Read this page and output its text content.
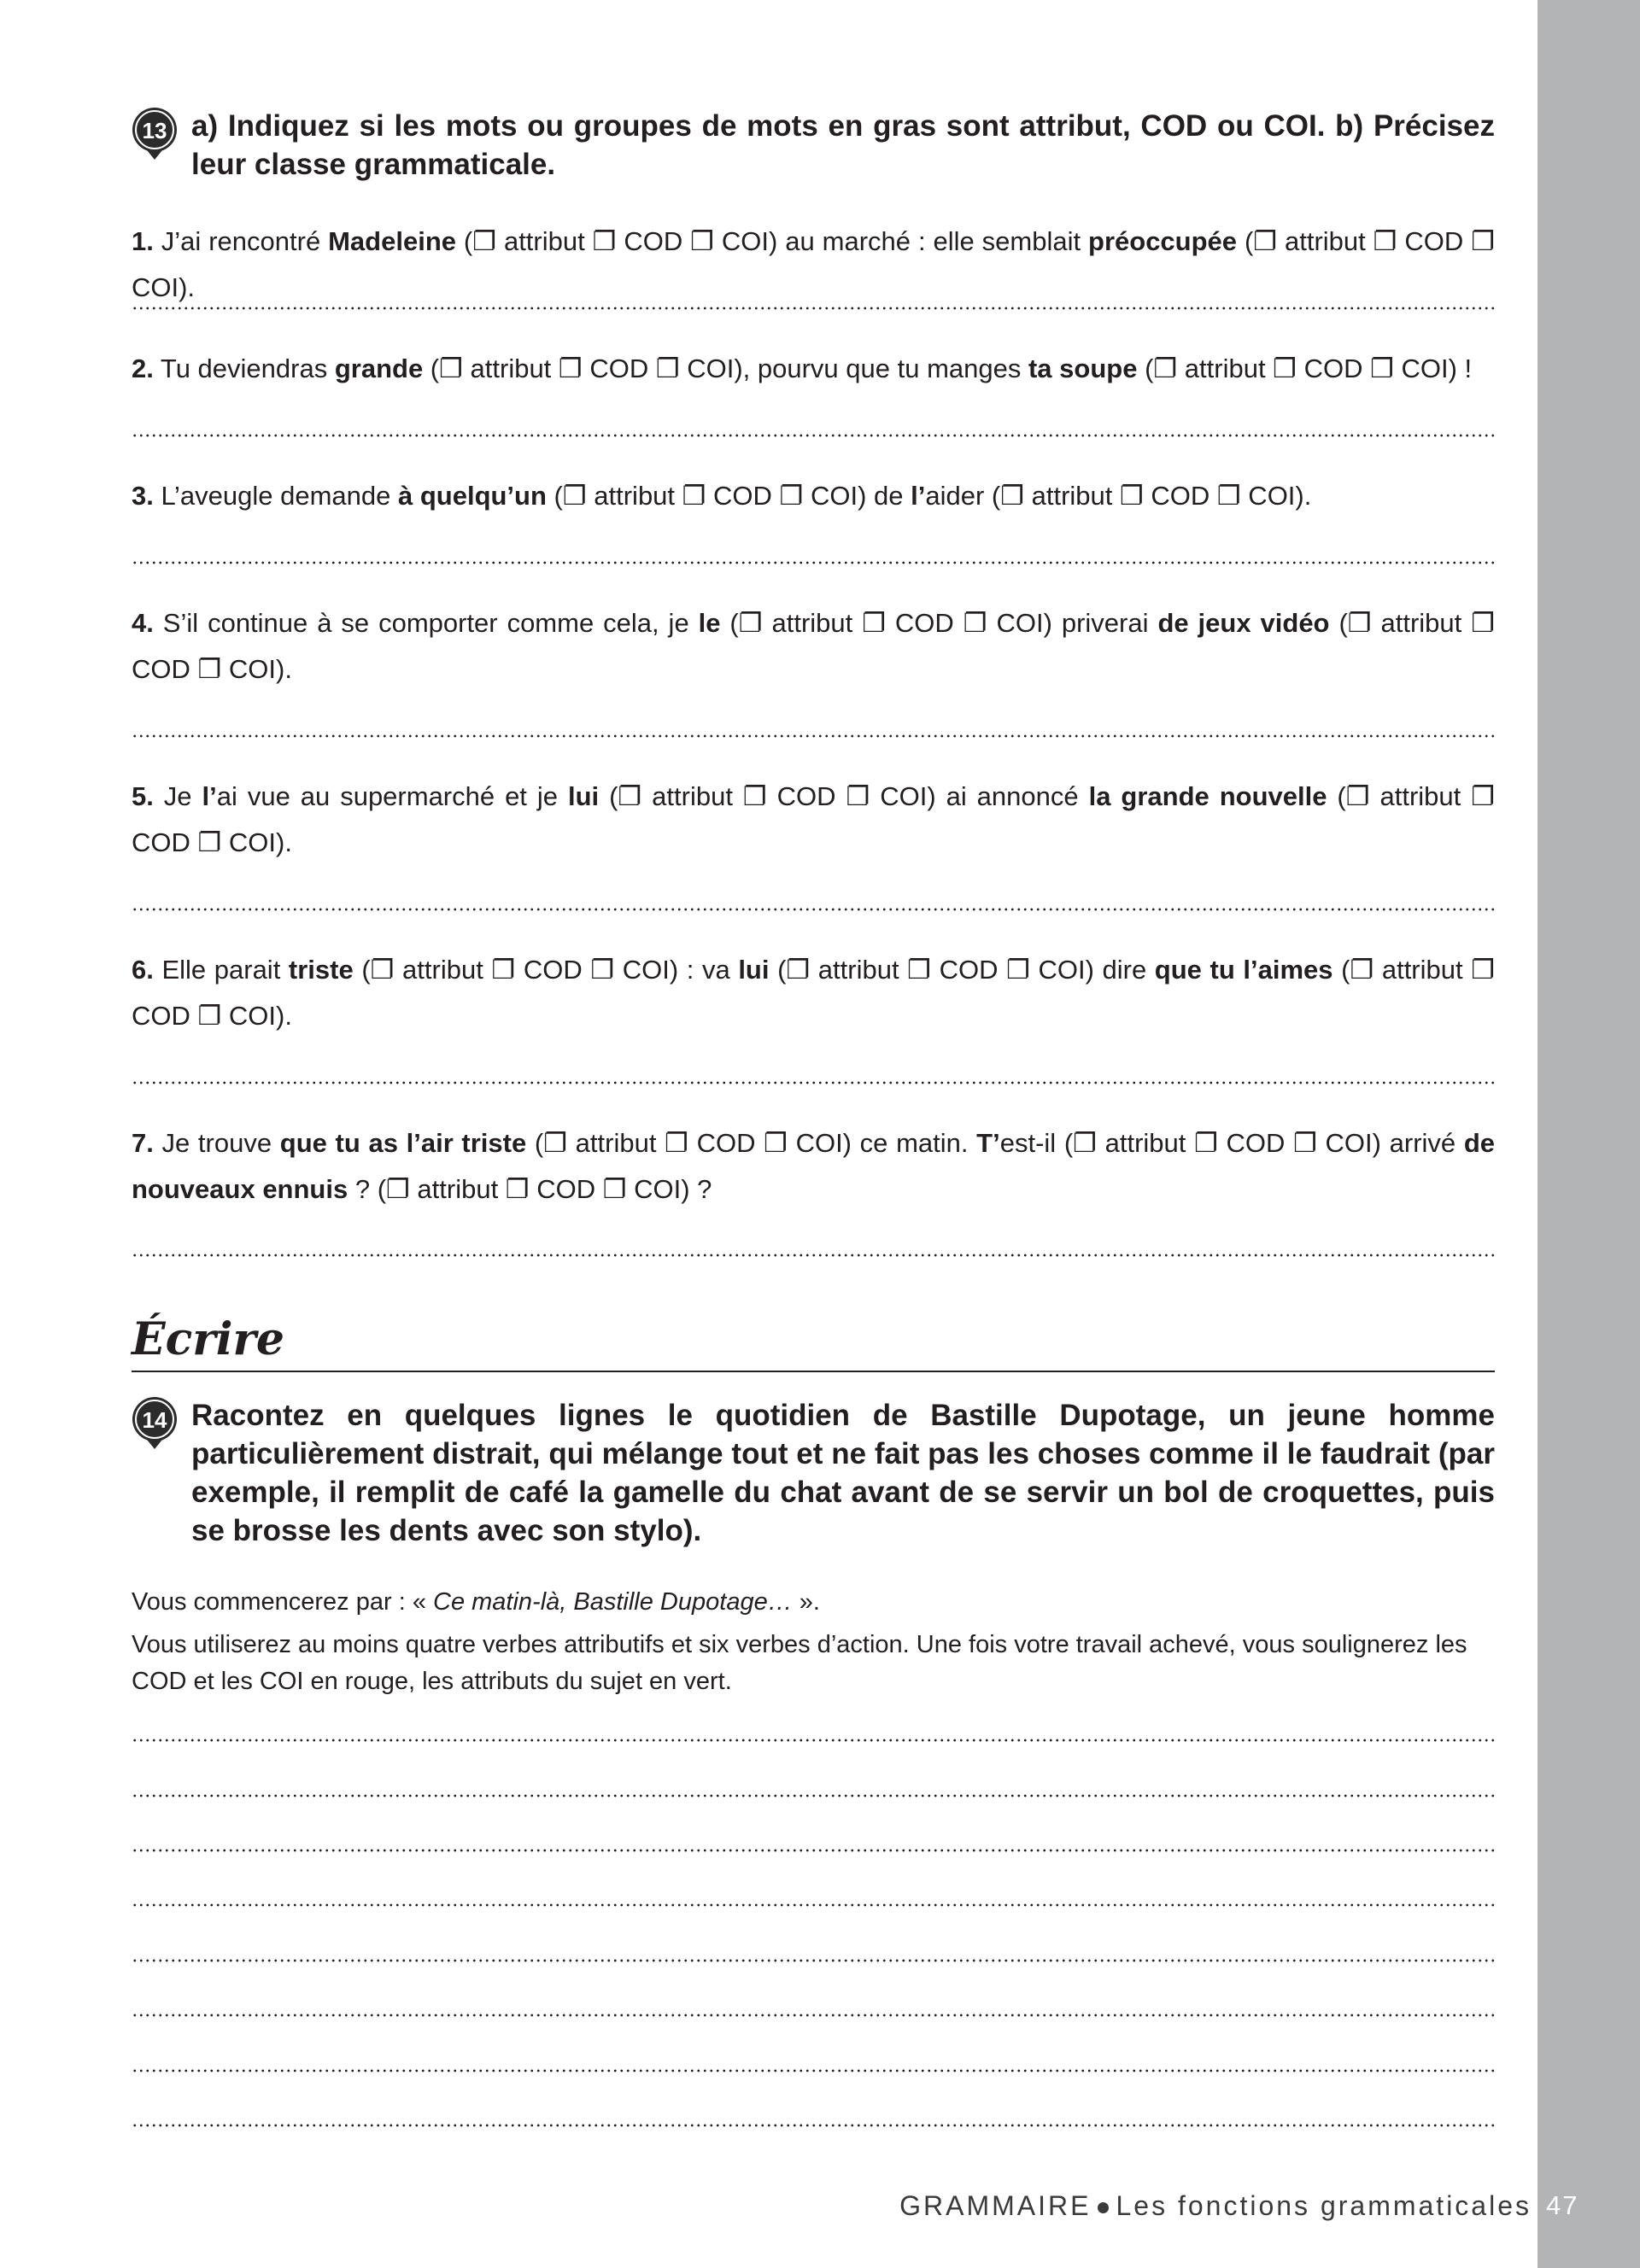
47
13 a) Indiquez si les mots ou groupes de mots en gras sont attribut, COD ou COI. b) Précisez leur classe grammaticale.
1. J’ai rencontré Madeleine (❐ attribut ❐ COD ❐ COI) au marché : elle semblait préoccupée (❐ attribut ❐ COD ❐ COI).
2. Tu deviendras grande (❐ attribut ❐ COD ❐ COI), pourvu que tu manges ta soupe (❐ attribut ❐ COD ❐ COI) !
3. L’aveugle demande à quelqu’un (❐ attribut ❐ COD ❐ COI) de l’aider (❐ attribut ❐ COD ❐ COI).
4. S’il continue à se comporter comme cela, je le (❐ attribut ❐ COD ❐ COI) priverai de jeux vidéo (❐ attribut ❐ COD ❐ COI).
5. Je l’ai vue au supermarché et je lui (❐ attribut ❐ COD ❐ COI) ai annoncé la grande nouvelle (❐ attribut ❐ COD ❐ COI).
6. Elle parait triste (❐ attribut ❐ COD ❐ COI) : va lui (❐ attribut ❐ COD ❐ COI) dire que tu l’aimes (❐ attribut ❐ COD ❐ COI).
7. Je trouve que tu as l’air triste (❐ attribut ❐ COD ❐ COI) ce matin. T’est-il (❐ attribut ❐ COD ❐ COI) arrivé de nouveaux ennuis ? (❐ attribut ❐ COD ❐ COI) ?
Écrire
14 Racontez en quelques lignes le quotidien de Bastille Dupotage, un jeune homme particulièrement distrait, qui mélange tout et ne fait pas les choses comme il le faudrait (par exemple, il remplit de café la gamelle du chat avant de se servir un bol de croquettes, puis se brosse les dents avec son stylo).
Vous commencerez par : « Ce matin-là, Bastille Dupotage… ».
Vous utiliserez au moins quatre verbes attributifs et six verbes d’action. Une fois votre travail achevé, vous soulignerez les COD et les COI en rouge, les attributs du sujet en vert.
GRAMMAIRE Les fonctions grammaticales
